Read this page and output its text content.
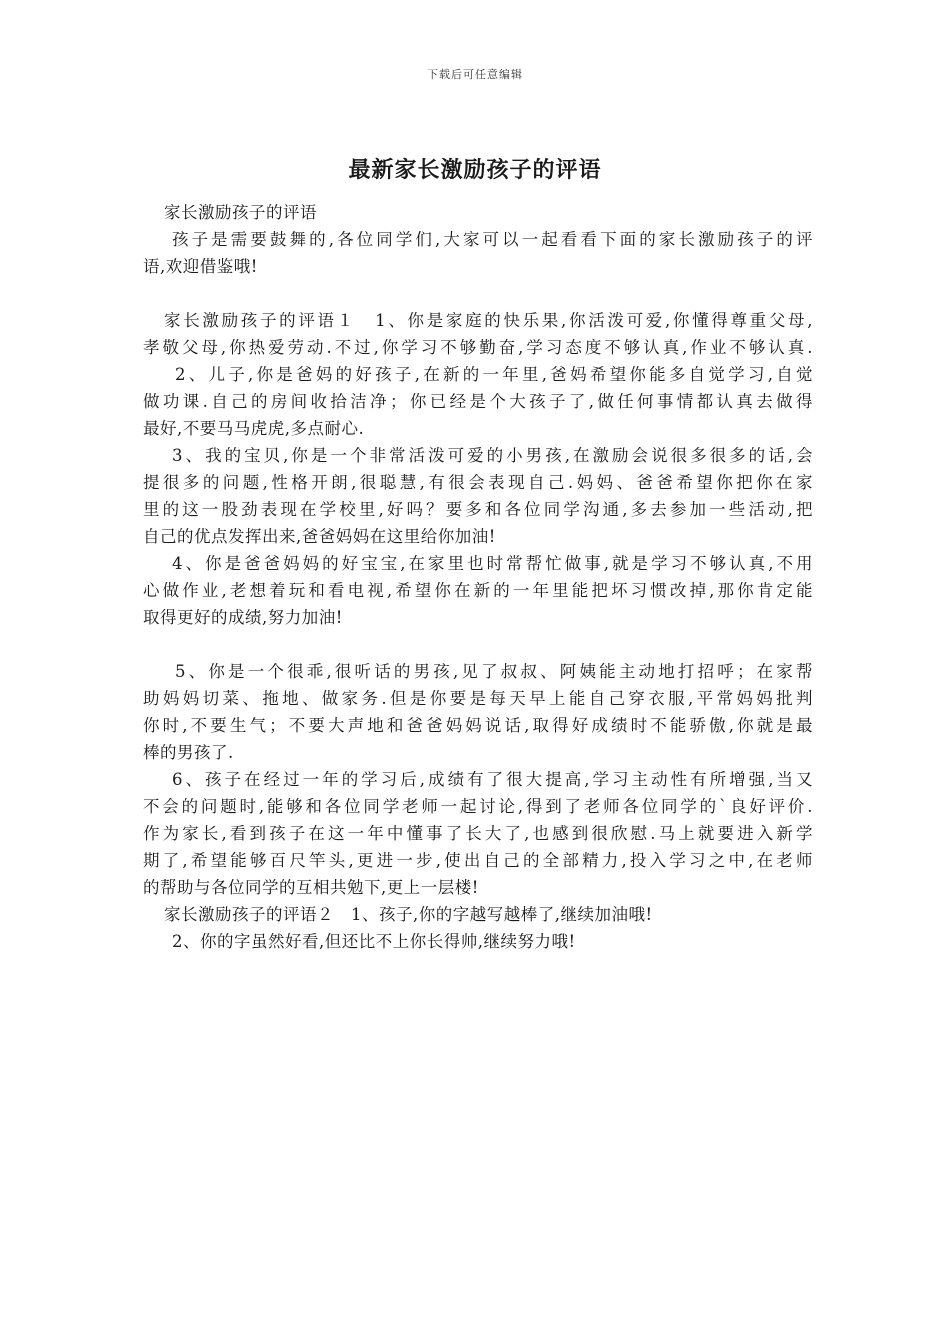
下载后可任意编辑
最新家长激励孩子的评语
家长激励孩子的评语
孩子是需要鼓舞的,各位同学们,大家可以一起看看下面的家长激励孩子的评
语,欢迎借鉴哦!
家长激励孩子的评语１　1、你是家庭的快乐果,你活泼可爱,你懂得尊重父母,
孝敬父母,你热爱劳动.不过,你学习不够勤奋,学习态度不够认真,作业不够认真.
2、儿子,你是爸妈的好孩子,在新的一年里,爸妈希望你能多自觉学习,自觉
做功课.自己的房间收拾洁净；你已经是个大孩子了,做任何事情都认真去做得
最好,不要马马虎虎,多点耐心.
3、我的宝贝,你是一个非常活泼可爱的小男孩,在激励会说很多很多的话,会
提很多的问题,性格开朗,很聪慧,有很会表现自己.妈妈、爸爸希望你把你在家
里的这一股劲表现在学校里,好吗？要多和各位同学沟通,多去参加一些活动,把
自己的优点发挥出来,爸爸妈妈在这里给你加油!
4、你是爸爸妈妈的好宝宝,在家里也时常帮忙做事,就是学习不够认真,不用
心做作业,老想着玩和看电视,希望你在新的一年里能把坏习惯改掉,那你肯定能
取得更好的成绩,努力加油!
5、你是一个很乖,很听话的男孩,见了叔叔、阿姨能主动地打招呼；在家帮
助妈妈切菜、拖地、做家务.但是你要是每天早上能自己穿衣服,平常妈妈批判
你时,不要生气；不要大声地和爸爸妈妈说话,取得好成绩时不能骄傲,你就是最
棒的男孩了.
6、孩子在经过一年的学习后,成绩有了很大提高,学习主动性有所增强,当又
不会的问题时,能够和各位同学老师一起讨论,得到了老师各位同学的`良好评价.
作为家长,看到孩子在这一年中懂事了长大了,也感到很欣慰.马上就要进入新学
期了,希望能够百尺竿头,更进一步,使出自己的全部精力,投入学习之中,在老师
的帮助与各位同学的互相共勉下,更上一层楼!
家长激励孩子的评语２　1、孩子,你的字越写越棒了,继续加油哦!
2、你的字虽然好看,但还比不上你长得帅,继续努力哦!
